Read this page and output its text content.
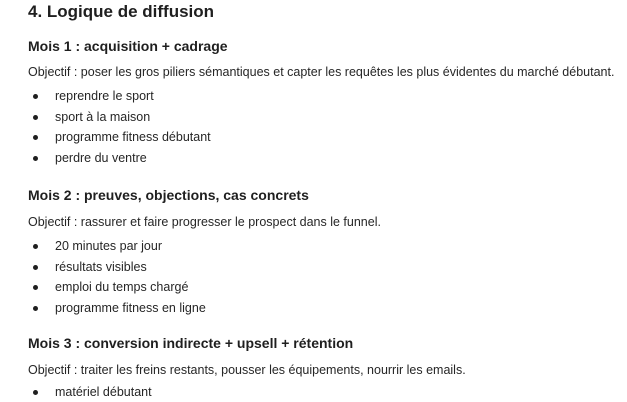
4. Logique de diffusion
Mois 1 : acquisition + cadrage

Objectif : poser les gros piliers sémantiques et capter les requêtes les plus évidentes du marché débutant.

reprendre le sport
sport à la maison
programme fitness débutant
perdre du ventre
Mois 2 : preuves, objections, cas concrets

Objectif : rassurer et faire progresser le prospect dans le funnel.

20 minutes par jour
résultats visibles
emploi du temps chargé
programme fitness en ligne
Mois 3 : conversion indirecte + upsell + rétention

Objectif : traiter les freins restants, pousser les équipements, nourrir les emails.

matériel débutant
